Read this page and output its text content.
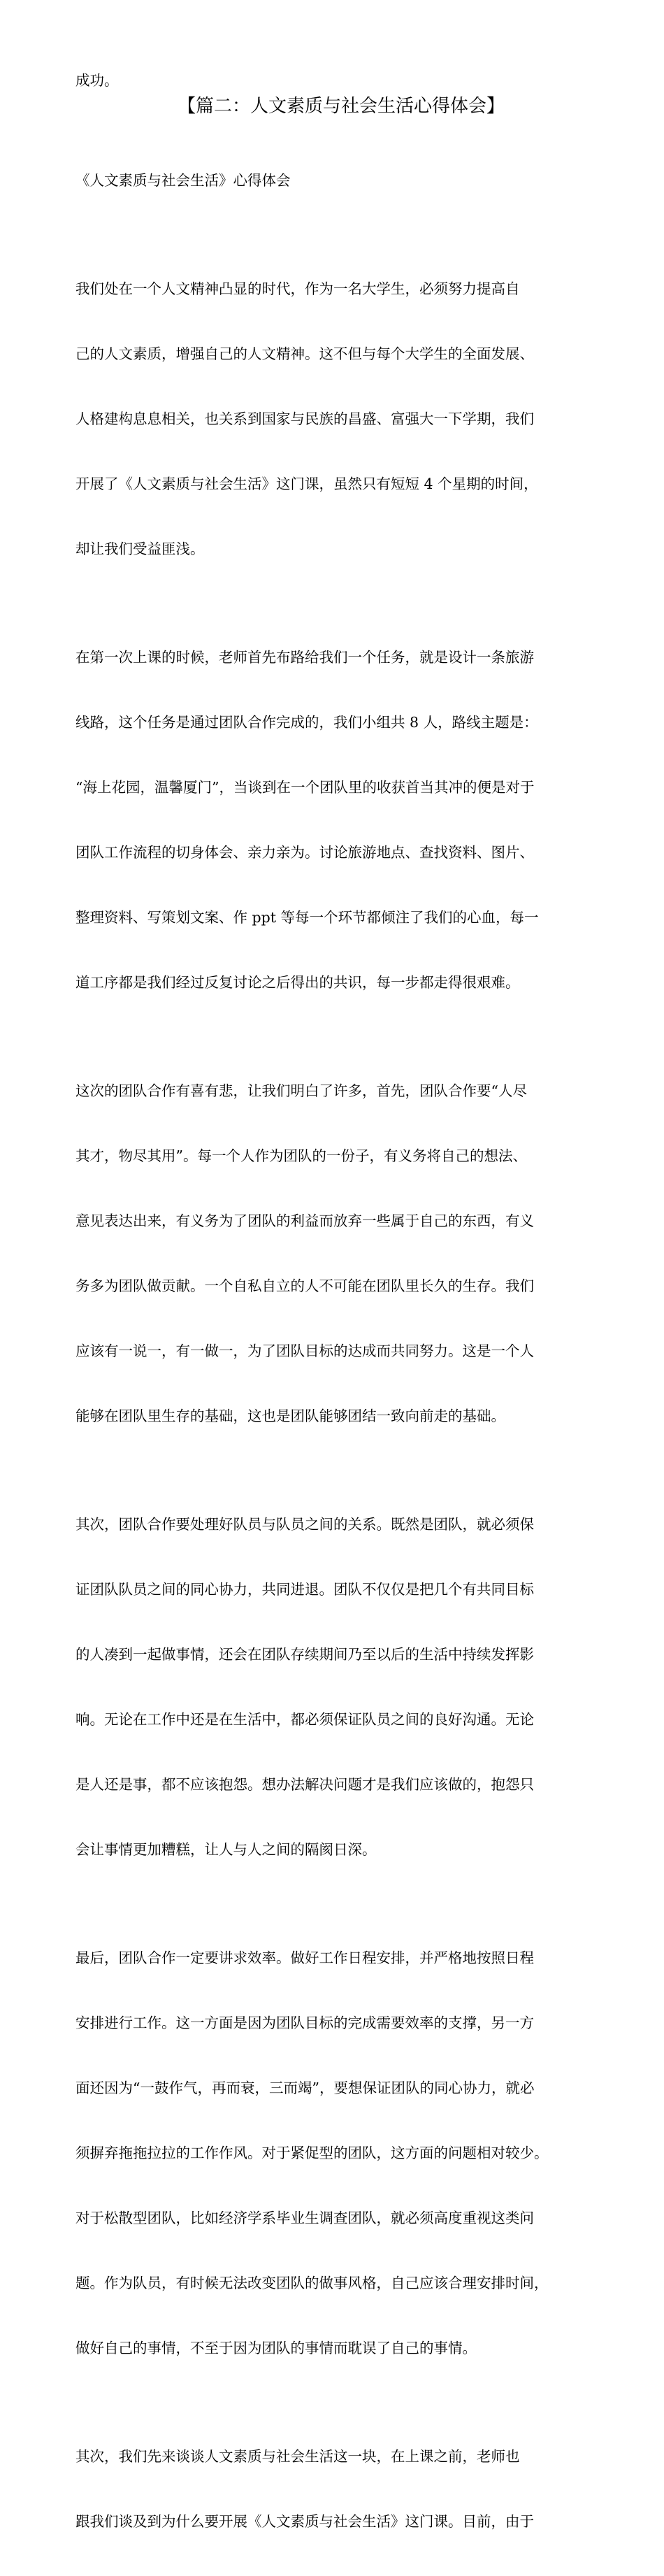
成功。

【篇二：人文素质与社会生活心得体会】

《人文素质与社会生活》心得体会

我们处在一个人文精神凸显的时代，作为一名大学生，必须努力提高自

己的人文素质，增强自己的人文精神。这不但与每个大学生的全面发展、

人格建构息息相关，也关系到国家与民族的昌盛、富强大一下学期，我们

开展了《人文素质与社会生活》这门课，虽然只有短短 4 个星期的时间，

却让我们受益匪浅。

在第一次上课的时候，老师首先布路给我们一个任务，就是设计一条旅游

线路，这个任务是通过团队合作完成的，我们小组共 8 人，路线主题是：

“海上花园，温馨厦门”，当谈到在一个团队里的收获首当其冲的便是对于

团队工作流程的切身体会、亲力亲为。讨论旅游地点、查找资料、图片、

整理资料、写策划文案、作 ppt 等每一个环节都倾注了我们的心血，每一

道工序都是我们经过反复讨论之后得出的共识，每一步都走得很艰难。

这次的团队合作有喜有悲，让我们明白了许多，首先，团队合作要“人尽

其才，物尽其用”。每一个人作为团队的一份子，有义务将自己的想法、

意见表达出来，有义务为了团队的利益而放弃一些属于自己的东西，有义

务多为团队做贡献。一个自私自立的人不可能在团队里长久的生存。我们

应该有一说一，有一做一，为了团队目标的达成而共同努力。这是一个人

能够在团队里生存的基础，这也是团队能够团结一致向前走的基础。

其次，团队合作要处理好队员与队员之间的关系。既然是团队，就必须保

证团队队员之间的同心协力，共同进退。团队不仅仅是把几个有共同目标

的人凑到一起做事情，还会在团队存续期间乃至以后的生活中持续发挥影

响。无论在工作中还是在生活中，都必须保证队员之间的良好沟通。无论

是人还是事，都不应该抱怨。想办法解决问题才是我们应该做的，抱怨只

会让事情更加糟糕，让人与人之间的隔阂日深。

最后，团队合作一定要讲求效率。做好工作日程安排，并严格地按照日程

安排进行工作。这一方面是因为团队目标的完成需要效率的支撑，另一方

面还因为“一鼓作气，再而衰，三而竭”，要想保证团队的同心协力，就必

须摒弃拖拖拉拉的工作作风。对于紧促型的团队，这方面的问题相对较少。

对于松散型团队，比如经济学系毕业生调查团队，就必须高度重视这类问

题。作为队员，有时候无法改变团队的做事风格，自己应该合理安排时间，

做好自己的事情，不至于因为团队的事情而耽误了自己的事情。

其次，我们先来谈谈人文素质与社会生活这一块，在上课之前，老师也

跟我们谈及到为什么要开展《人文素质与社会生活》这门课。目前，由于
